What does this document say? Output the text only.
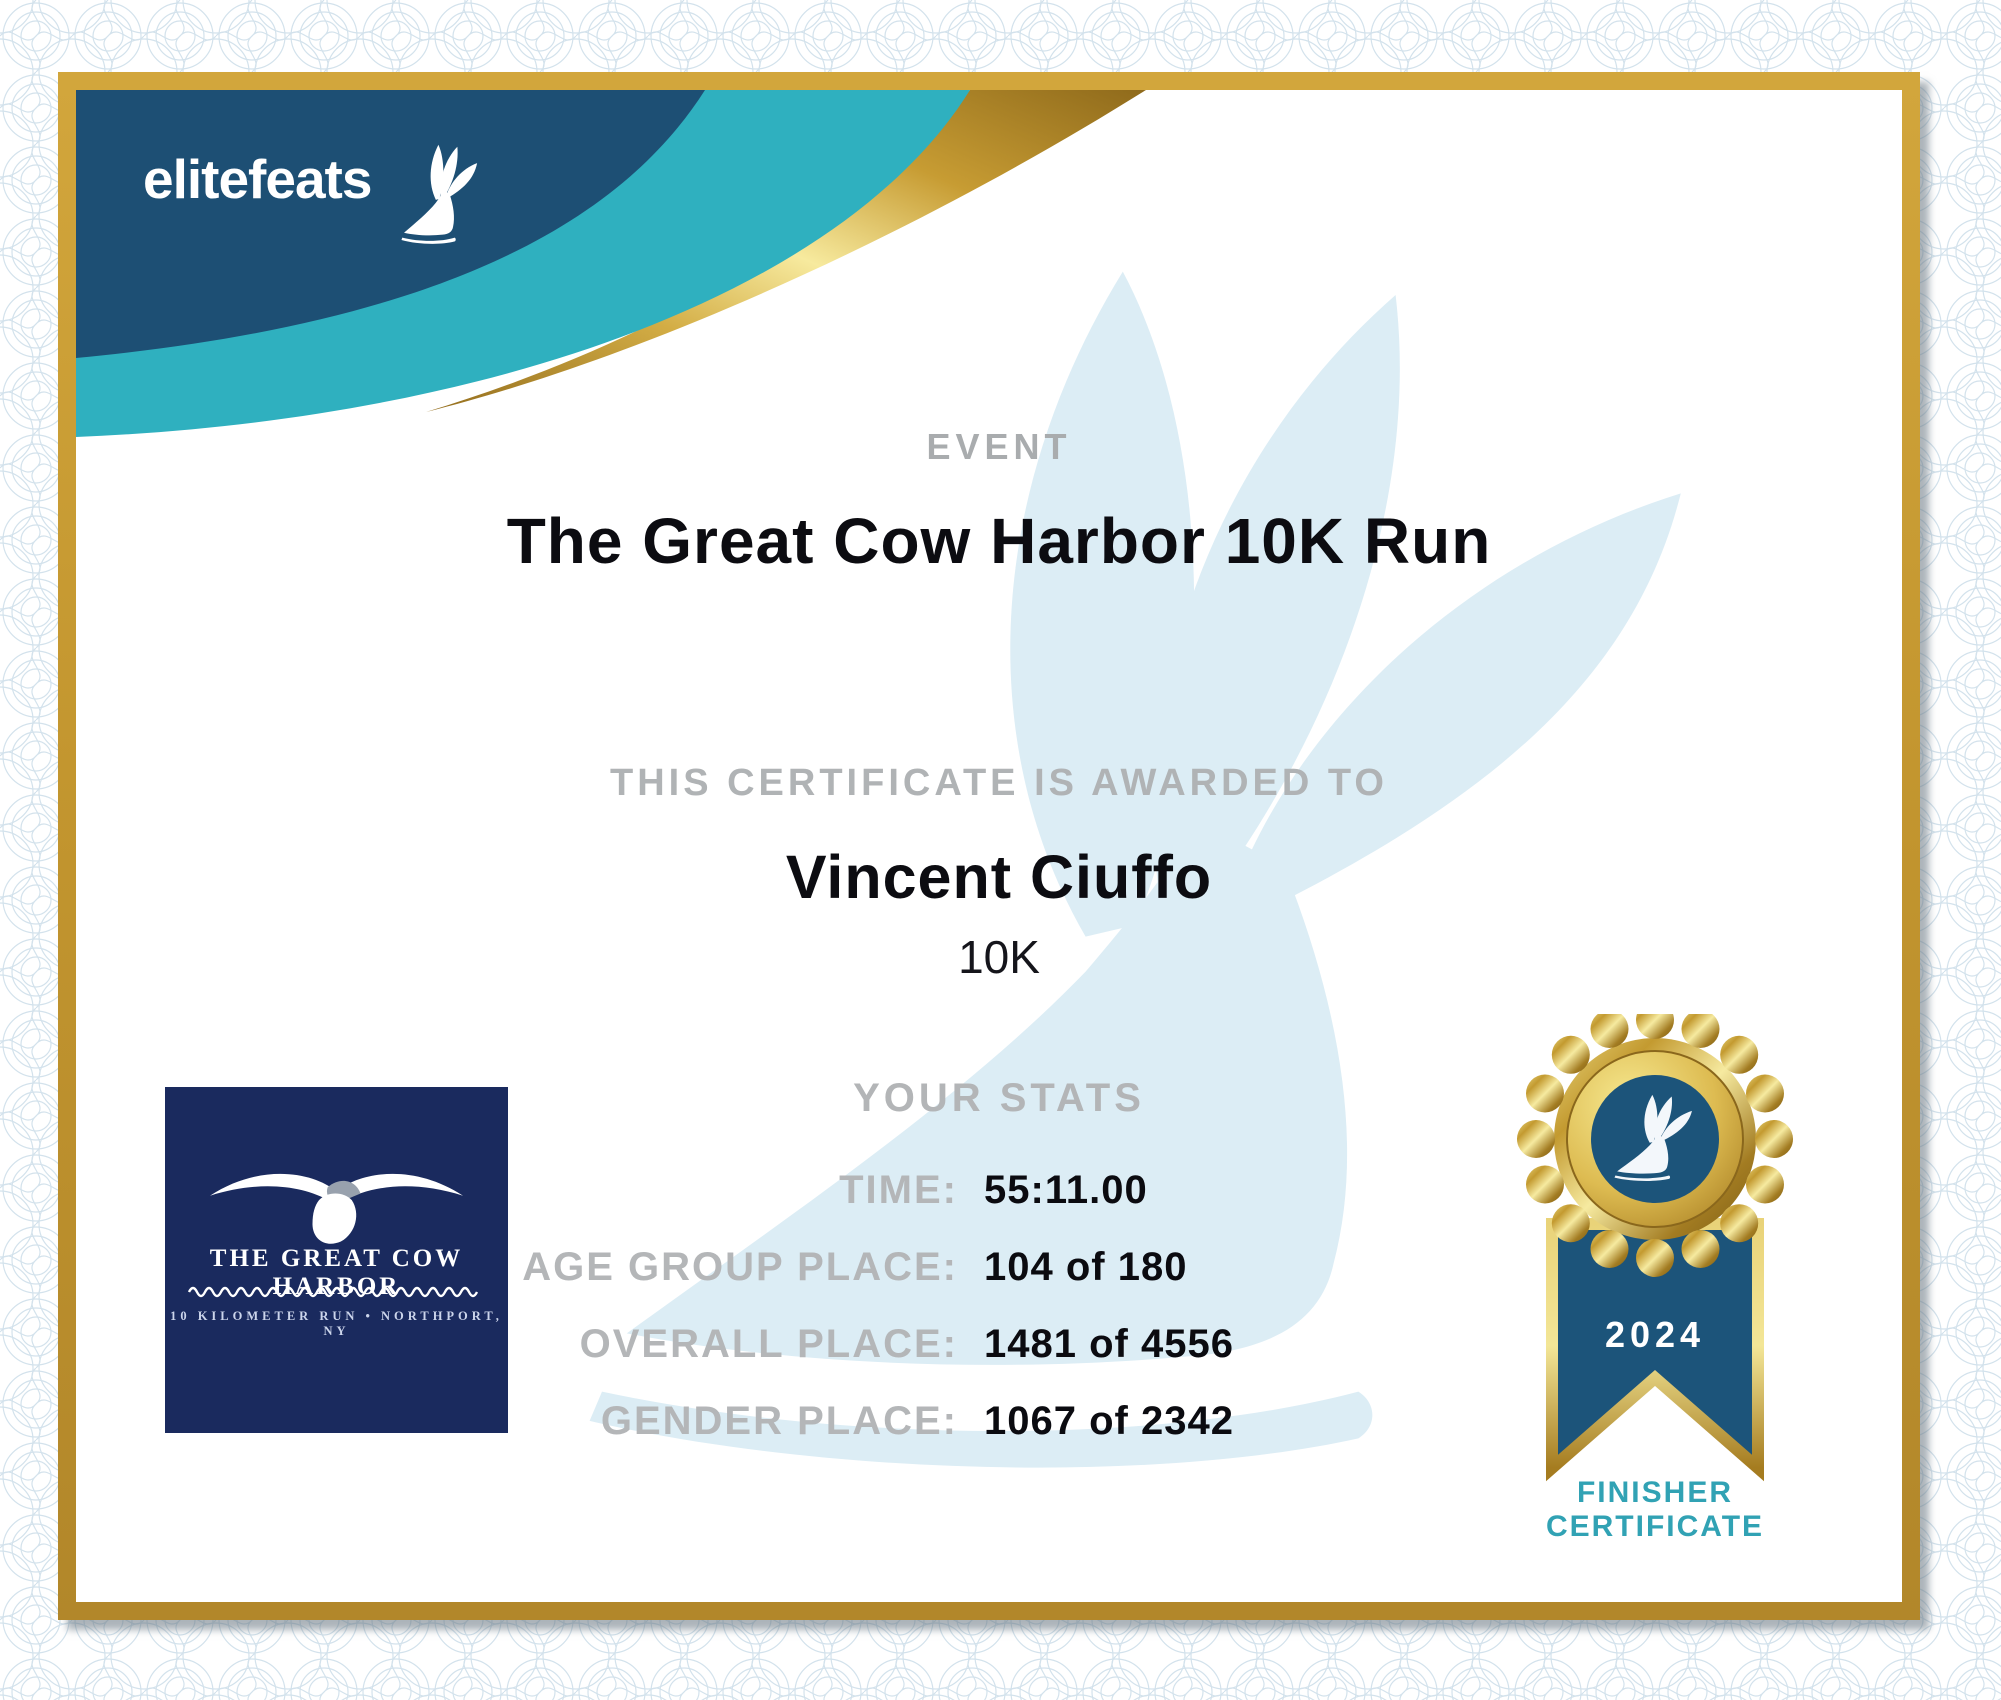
elitefeats
EVENT
The Great Cow Harbor 10K Run
THIS CERTIFICATE IS AWARDED TO
Vincent Ciuffo
10K
YOUR STATS
TIME: 55:11.00
AGE GROUP PLACE: 104 of 180
OVERALL PLACE: 1481 of 4556
GENDER PLACE: 1067 of 2342
THE GREAT COW HARBOR
10 KILOMETER RUN • NORTHPORT, NY	2024
FINISHER
CERTIFICATE
